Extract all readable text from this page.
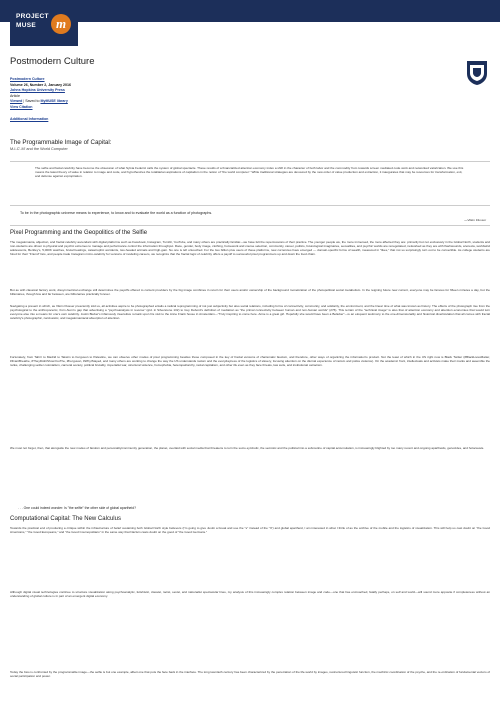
PROJECT
MUSE	m
Postmodern Culture
Postmodern Culture
Volume 26, Number 2, January 2016
Johns Hopkins University Press
Article
Viewed | Saved to MyMUSE library
View Citation
Additional Information
The Programmable Image of Capital:
M-I-C'-M' and the World Computer
The selfie and facial celebrity have become the obsession of what Sylvia Federici calls the system of global spectacle. These results of a financialized attention economy index a shift in the character of both labor and the commodity from towards screen mediated code work and networked valorization. We use this means the latest theory of value in relation to image and code, and hypothesizes the totalitarian aspirations of capitalism in the notion of "the world computer." While traditional strategies are devoured by the new order of value production and extraction, it inaugurates that may be resources for transformation, exit, and defense against expropriation.
To be in the photographic universe means to experience, to know and to evaluate the world as a function of photographs.
—Vilém Flusser
Pixel Programming and the Geopolitics of the Selfie
The megalomania, abjection, and fractal celebrity ascendant with digital platforms such as Facebook, Instagram, Tumblr, YouTube, and many others are practically familiar—we have felt the repercussions of their practice. The younger people we, the more immersed, the more affected they are: primarily but not exclusively in the Global North, students and non-students are driven to physical and psychic extremes to manage and performance control the information throughput. Race, gender, body image, clothing, homework and course selection, community, career, politics, futurological imaginaries, sexualities, and psychic worlds are renegotiated, networked as they are with flashwounds, anorexia, worldwind adolescents, Bentley's, 5,000K watches, brutal beatings, catastrophic accidents, two-headed animals and high-gain. No one is left untouched. For the two billion plus users of these platforms, new currencies have emerged — domain-specific forms of wealth, measured in "likes," that not so surprisingly turn out to be convertible. As college students are hired for their "Friend" lists, and people trade Instagram micro-celebrity for versions of modeling careers, we recognize that the fractal logic of celebrity offers a payoff to successful pixel programmers up and down the food chain.
But as with classical factory work, dissymmetrical exchange still determines the payoffs offered to content providers by the big image combines in return for their users and/or ownership of the background monetization of the photopolitical social metabolism. In the reigning future new current, everyone may be famous for fifteen minutes a day, but the billionaires, though few and far between, are billionaires practically forever.
Navigating a present in which, as Vilém Flusser presciently told us, all activities aspire to be photographed entails a radical reprogramming of not just subjectivity but also social relations, including forms of connectivity, community, and solidarity, the environment, and the linear time of what was known as history. The effects of the photograph rise from the psychological to the anthropocenic, from Atom's gap that advertising a "psychoanalysis in reverse" (qtd. in Silverstone 132) to Guy Debord's definition of mediation as "the primal connectivity between human and non-human worlds" (276). This terrain of the "technical image" is also that of attention economy and attention economies that would turn everyone else into a means for one's own celebrity. Justin Bieber's infamously insensitive remark upon his visit to the Anne Frank house in Amsterdam—"Truly inspiring to come here. Anne is a great girl. Hopefully she would have been a Belieber"—is an eloquent testimony to the one-dimensionality and historical diverticulation that all comes with fractal celebrity's photographic, narcissistic, and megalomaniacal absorption of attention.
Fortunately, from Tahrir to Madrid to Taksim to Ferguson to Palestine, we can observe other modes of pixel programming besides those composed in the key of fractal versions of charismatic fascism, and therefore, other ways of organizing the information's product. Not the least of which in the US right now is Black Twitter (#BlackLivesMatter, #ICantBreathe, #TheyDidntShowYouThe, #Ferguson, #WhyIStayed, and many others are working to change the way the US understands racism and the everydayness of the logistics of slavery, focusing attention on the diurnal experience of racism and police violence). On the academic front, intellectuals and activists make their marks and assemble the ranks, challenging settler colonialism, carceral society, political brutality, imperialist war, structural violence, homophobia, heteropatriarchy, racial capitalism, and other ills even as they face threats, law suits, and institutional ostracism.
We must not forget, then, that alongside the new modes of fandom and personality/community generation, the planet, overlaid with social media that threatens to turn the socio-symbolic, the semiotic and the political into a subroutine of capital accumulation, is increasingly blighted by too many recent and ongoing apartheids, genocides, and holocausts.
. . . One could indeed wonder: Is "the selfie" the other side of global apartheid?
Computational Capital: The New Calculus
Towards the practical end of producing a critique within the infrastructure of belief sustaining both Global North style believers (I'm going to give Justin a break and use the "s" instead of the "It") and global apartheid, I am interested in what I think of as the archive of the mobile and the logistics of visualization. This will help us cast doubt on "the Good Americans," "the Good Europeans," and "the Good Cosmopolitans" in the same way that Nazism casts doubt on the good of "the Good Germans."
Although digital visual technologies continue to structure visualization along psychoanalytic, fetishistic, classist, racist, sexist, and nationalist spectacular lines, my analysis of this increasingly complex relation between image and code—one that has encroached, fatally perhaps, on self and world—will sound more apposite if completeness without an understanding of global culture is in part of an emergent digital economy.
Today the bios is confronted by the programmable image—the selfie is but one example, albeit one that puts the face back in the interface. The long twentieth century has been characterized by the penetration of the life-world by images, restructured linguistic function, the machinic coordination of the psyche, and the re-ordination of fundamental vectors of social participation and power.
